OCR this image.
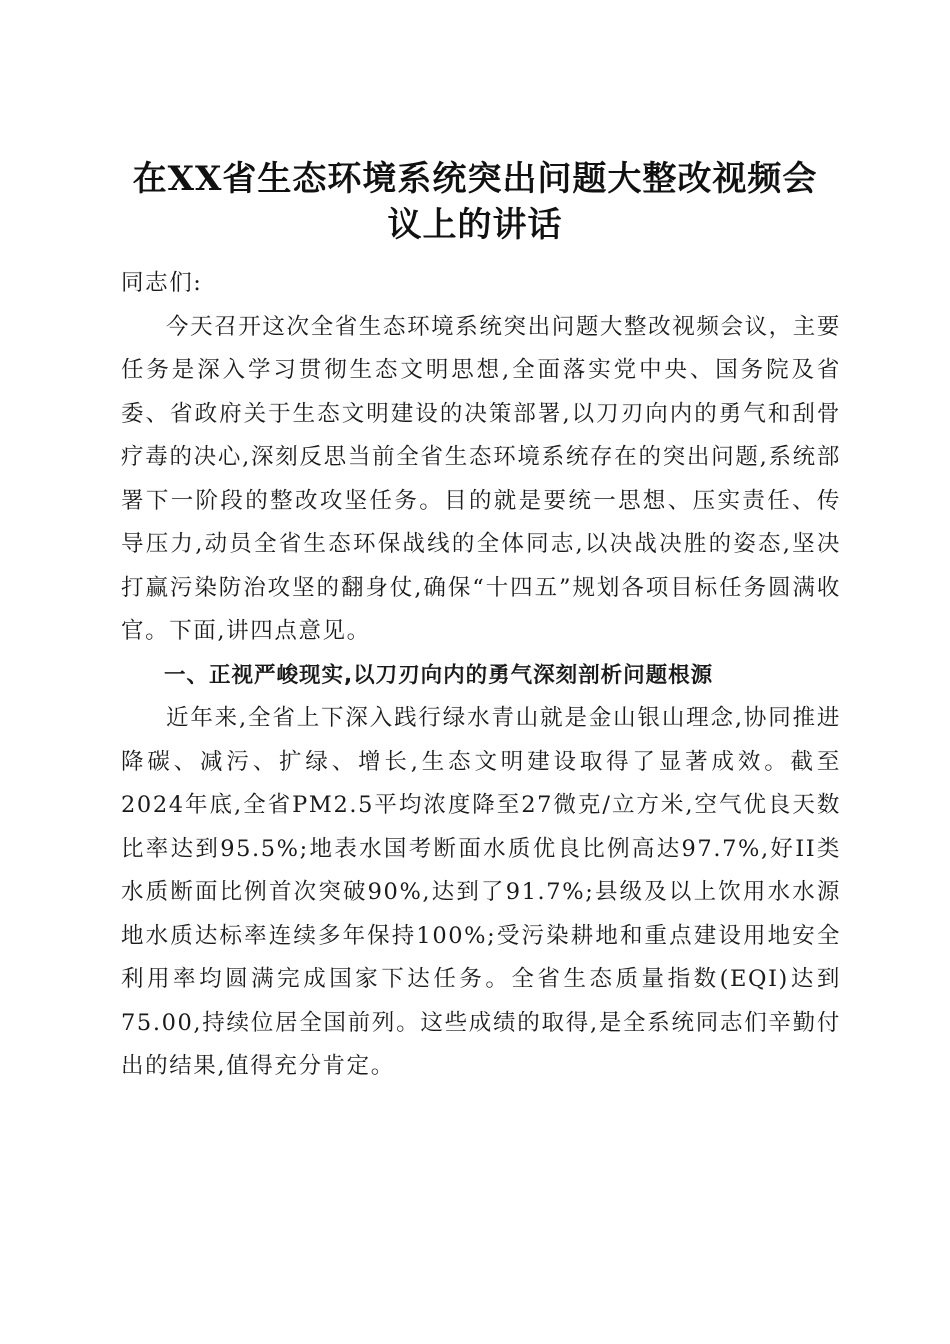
在XX省生态环境系统突出问题大整改视频会
议上的讲话

同志们:

今天召开这次全省生态环境系统突出问题大整改视频会议，主要任务是深入学习贯彻生态文明思想,全面落实党中央、国务院及省委、省政府关于生态文明建设的决策部署,以刀刃向内的勇气和刮骨疗毒的决心,深刻反思当前全省生态环境系统存在的突出问题,系统部署下一阶段的整改攻坚任务。目的就是要统一思想、压实责任、传导压力,动员全省生态环保战线的全体同志,以决战决胜的姿态,坚决打赢污染防治攻坚的翻身仗,确保“十四五”规划各项目标任务圆满收官。下面,讲四点意见。

一、正视严峻现实,以刀刃向内的勇气深刻剖析问题根源

近年来,全省上下深入践行绿水青山就是金山银山理念,协同推进降碳、减污、扩绿、增长,生态文明建设取得了显著成效。截至2024年底,全省PM2.5平均浓度降至27微克/立方米,空气优良天数比率达到95.5%;地表水国考断面水质优良比例高达97.7%,好II类水质断面比例首次突破90%,达到了91.7%;县级及以上饮用水水源地水质达标率连续多年保持100%;受污染耕地和重点建设用地安全利用率均圆满完成国家下达任务。全省生态质量指数(EQI)达到75.00,持续位居全国前列。这些成绩的取得,是全系统同志们辛勤付出的结果,值得充分肯定。
